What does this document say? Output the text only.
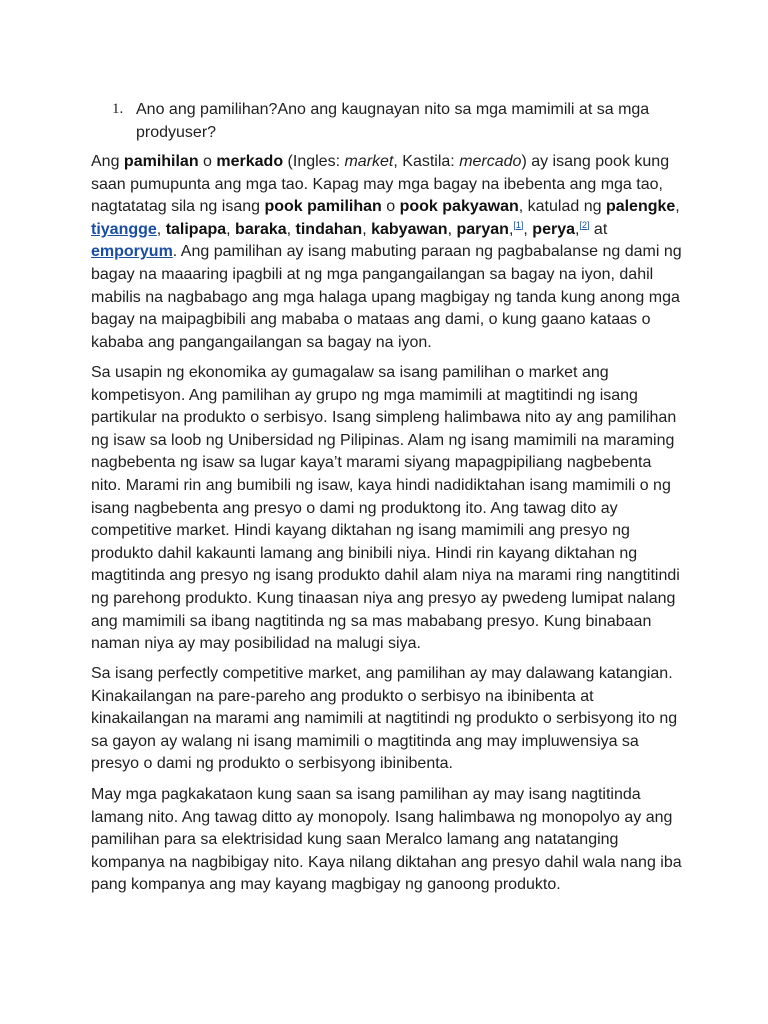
1. Ano ang pamilihan?Ano ang kaugnayan nito sa mga mamimili at sa mga prodyuser?

Ang pamihilan o merkado (Ingles: market, Kastila: mercado) ay isang pook kung saan pumupunta ang mga tao. Kapag may mga bagay na ibebenta ang mga tao, nagtatatag sila ng isang pook pamilihan o pook pakyawan, katulad ng palengke, tiyangge, talipapa, baraka, tindahan, kabyawan, paryan,[1], perya,[2] at emporyum. Ang pamilihan ay isang mabuting paraan ng pagbabalanse ng dami ng bagay na maaaring ipagbili at ng mga pangangailangan sa bagay na iyon, dahil mabilis na nagbabago ang mga halaga upang magbigay ng tanda kung anong mga bagay na maipagbibili ang mababa o mataas ang dami, o kung gaano kataas o kababa ang pangangailangan sa bagay na iyon.

Sa usapin ng ekonomika ay gumagalaw sa isang pamilihan o market ang kompetisyon. Ang pamilihan ay grupo ng mga mamimili at magtitindi ng isang partikular na produkto o serbisyo. Isang simpleng halimbawa nito ay ang pamilihan ng isaw sa loob ng Unibersidad ng Pilipinas. Alam ng isang mamimili na maraming nagbebenta ng isaw sa lugar kaya’t marami siyang mapagpipiliang nagbebenta nito. Marami rin ang bumibili ng isaw, kaya hindi nadidiktahan isang mamimili o ng isang nagbebenta ang presyo o dami ng produktong ito. Ang tawag dito ay competitive market. Hindi kayang diktahan ng isang mamimili ang presyo ng produkto dahil kakaunti lamang ang binibili niya. Hindi rin kayang diktahan ng magtitinda ang presyo ng isang produkto dahil alam niya na marami ring nangtitindi ng parehong produkto. Kung tinaasan niya ang presyo ay pwedeng lumipat nalang ang mamimili sa ibang nagtitinda ng sa mas mababang presyo. Kung binabaan naman niya ay may posibilidad na malugi siya.

Sa isang perfectly competitive market, ang pamilihan ay may dalawang katangian. Kinakailangan na pare-pareho ang produkto o serbisyo na ibinibenta at kinakailangan na marami ang namimili at nagtitindi ng produkto o serbisyong ito ng sa gayon ay walang ni isang mamimili o magtitinda ang may impluwensiya sa presyo o dami ng produkto o serbisyong ibinibenta.

May mga pagkakataon kung saan sa isang pamilihan ay may isang nagtitinda lamang nito. Ang tawag ditto ay monopoly. Isang halimbawa ng monopolyo ay ang pamilihan para sa elektrisidad kung saan Meralco lamang ang natatanging kompanya na nagbibigay nito. Kaya nilang diktahan ang presyo dahil wala nang iba pang kompanya ang may kayang magbigay ng ganoong produkto.
